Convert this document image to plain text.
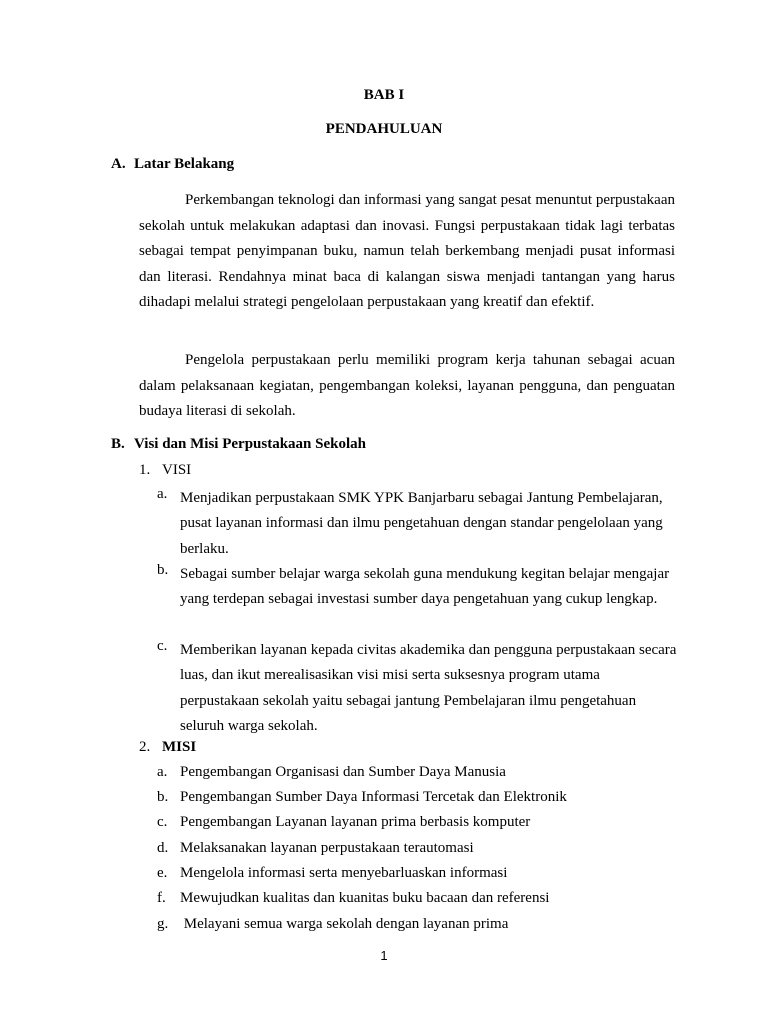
BAB I
PENDAHULUAN
A. Latar Belakang

Perkembangan teknologi dan informasi yang sangat pesat menuntut perpustakaan sekolah untuk melakukan adaptasi dan inovasi. Fungsi perpustakaan tidak lagi terbatas sebagai tempat penyimpanan buku, namun telah berkembang menjadi pusat informasi dan literasi. Rendahnya minat baca di kalangan siswa menjadi tantangan yang harus dihadapi melalui strategi pengelolaan perpustakaan yang kreatif dan efektif.

Pengelola perpustakaan perlu memiliki program kerja tahunan sebagai acuan dalam pelaksanaan kegiatan, pengembangan koleksi, layanan pengguna, dan penguatan budaya literasi di sekolah.

B. Visi dan Misi Perpustakaan Sekolah
1. VISI
a. Menjadikan perpustakaan SMK YPK Banjarbaru sebagai Jantung Pembelajaran, pusat layanan informasi dan ilmu pengetahuan dengan standar pengelolaan yang berlaku.

b. Sebagai sumber belajar warga sekolah guna mendukung kegitan belajar mengajar yang terdepan sebagai investasi sumber daya pengetahuan yang cukup lengkap.

c. Memberikan layanan kepada civitas akademika dan pengguna perpustakaan secara luas, dan ikut merealisasikan visi misi serta suksesnya program utama perpustakaan sekolah yaitu sebagai jantung Pembelajaran ilmu pengetahuan seluruh warga sekolah.

2. MISI
a. Pengembangan Organisasi dan Sumber Daya Manusia
b. Pengembangan Sumber Daya Informasi Tercetak dan Elektronik
c. Pengembangan Layanan layanan prima berbasis komputer
d. Melaksanakan layanan perpustakaan terautomasi
e. Mengelola informasi serta menyebarluaskan informasi
f. Mewujudkan kualitas dan kuanitas buku bacaan dan referensi
g. Melayani semua warga sekolah dengan layanan prima
1
